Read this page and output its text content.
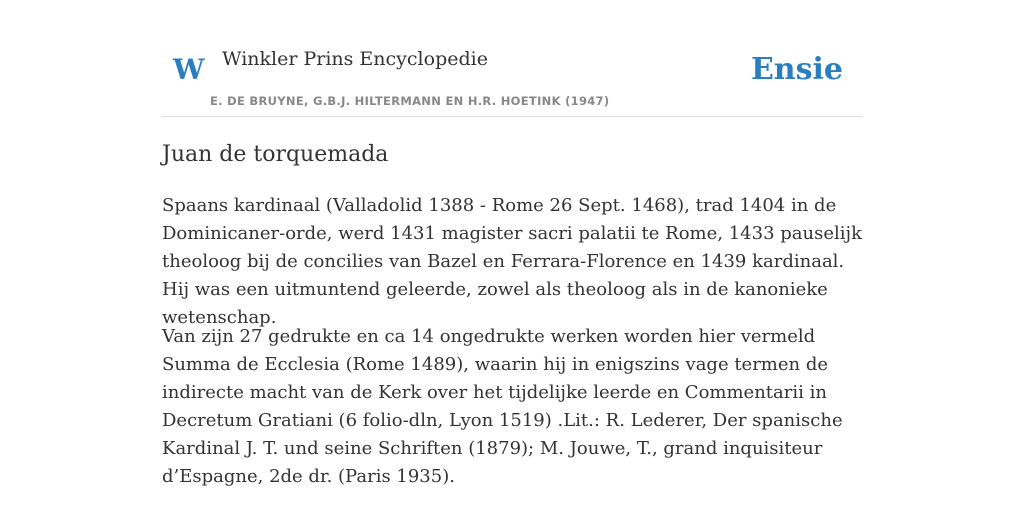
W Winkler Prins Encyclopedie
E. DE BRUYNE, G.B.J. HILTERMANN EN H.R. HOETINK (1947)
Ensie
Juan de torquemada

Spaans kardinaal (Valladolid 1388 - Rome 26 Sept. 1468), trad 1404 in de Dominicaner-orde, werd 1431 magister sacri palatii te Rome, 1433 pauselijk theoloog bij de concilies van Bazel en Ferrara-Florence en 1439 kardinaal. Hij was een uitmuntend geleerde, zowel als theoloog als in de kanonieke wetenschap.

Van zijn 27 gedrukte en ca 14 ongedrukte werken worden hier vermeld Summa de Ecclesia (Rome 1489), waarin hij in enigszins vage termen de indirecte macht van de Kerk over het tijdelijke leerde en Commentarii in Decretum Gratiani (6 folio-dln, Lyon 1519) .Lit.: R. Lederer, Der spanische Kardinal J. T. und seine Schriften (1879); M. Jouwe, T., grand inquisiteur d’Espagne, 2de dr. (Paris 1935).
